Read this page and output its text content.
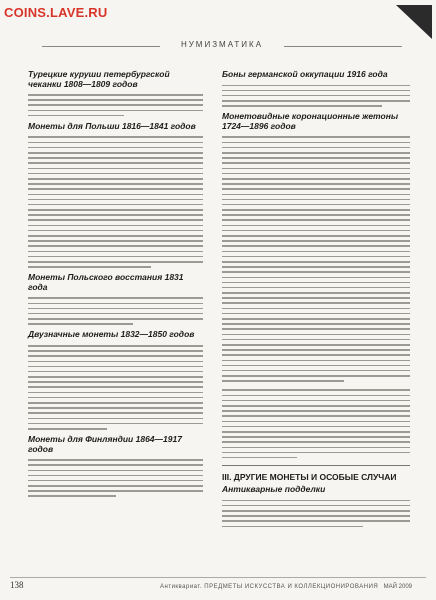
COINS.LAVE.RU
НУМИЗМАТИКА
Турецкие куруши петербургской чеканки 1808—1809 годов
Монеты для Польши 1816—1841 годов
Монеты Польского восстания 1831 года
Двузначные монеты 1832—1850 годов
Монеты для Финляндии 1864—1917 годов
Боны германской оккупации 1916 года
Монетовидные коронационные жетоны 1724—1896 годов
III. ДРУГИЕ МОНЕТЫ И ОСОБЫЕ СЛУЧАИ
Антикварные подделки
138	Антиквариат. ПРЕДМЕТЫ ИСКУССТВА И КОЛЛЕКЦИОНИРОВАНИЯ МАЙ 2009
